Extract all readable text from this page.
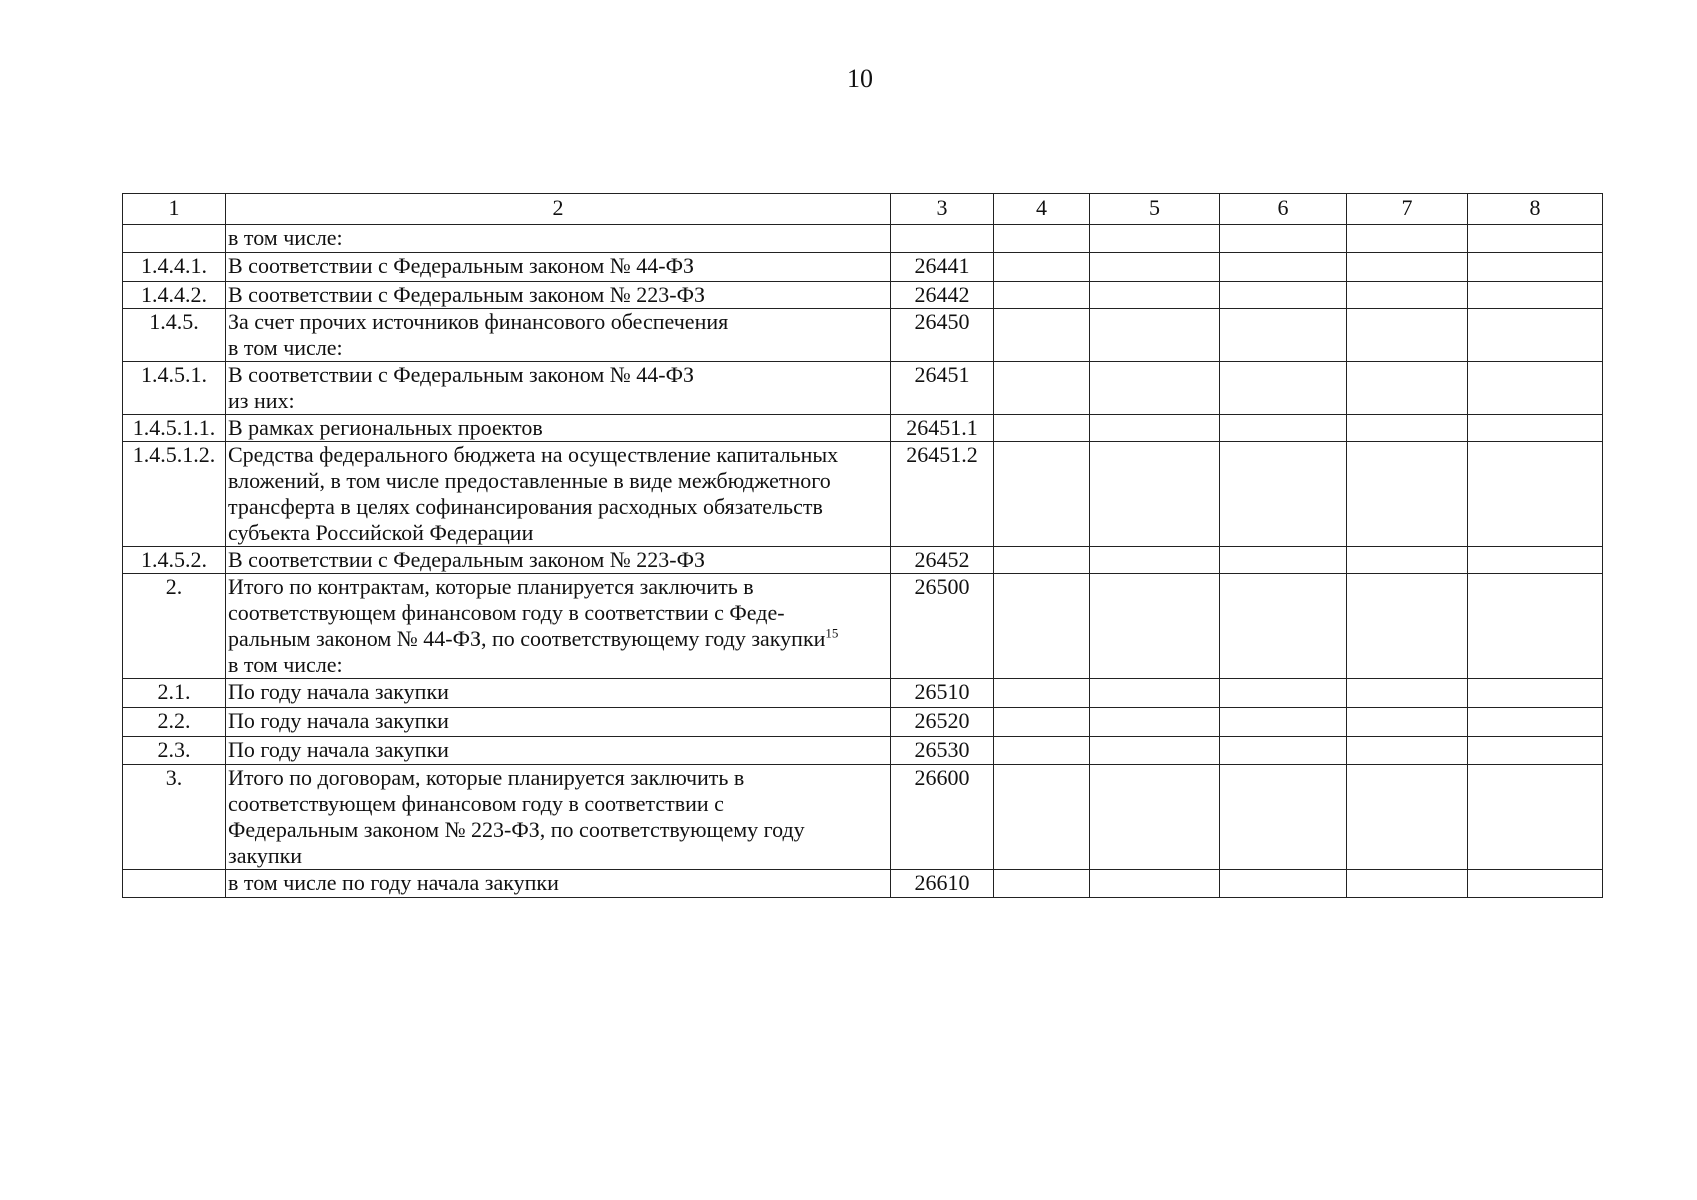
10
1	2	3	4	5	6	7	8

	в том числе:						

1.4.4.1.	В соответствии с Федеральным законом № 44-ФЗ	26441					
1.4.4.2.	В соответствии с Федеральным законом № 223-ФЗ	26442					
1.4.5.	За счет прочих источников финансового обеспечения
в том числе:	26450					
1.4.5.1.	В соответствии с Федеральным законом № 44-ФЗ
из них:	26451					
1.4.5.1.1.	В рамках региональных проектов	26451.1					
1.4.5.1.2.	Средства федерального бюджета на осуществление капитальных
вложений, в том числе предоставленные в виде межбюджетного
трансферта в целях софинансирования расходных обязательств
субъекта Российской Федерации	26451.2					
1.4.5.2.	В соответствии с Федеральным законом № 223-ФЗ	26452					
2.	Итого по контрактам, которые планируется заключить в
соответствующем финансовом году в соответствии с Феде-
ральным законом № 44-ФЗ, по соответствующему году закупки$^{15}$
в том числе:	26500					
2.1.	По году начала закупки	26510					
2.2.	По году начала закупки	26520					
2.3.	По году начала закупки	26530					
3.	Итого по договорам, которые планируется заключить в
соответствующем финансовом году в соответствии с
Федеральным законом № 223-ФЗ, по соответствующему году
закупки	26600					

	в том числе по году начала закупки	26610					
